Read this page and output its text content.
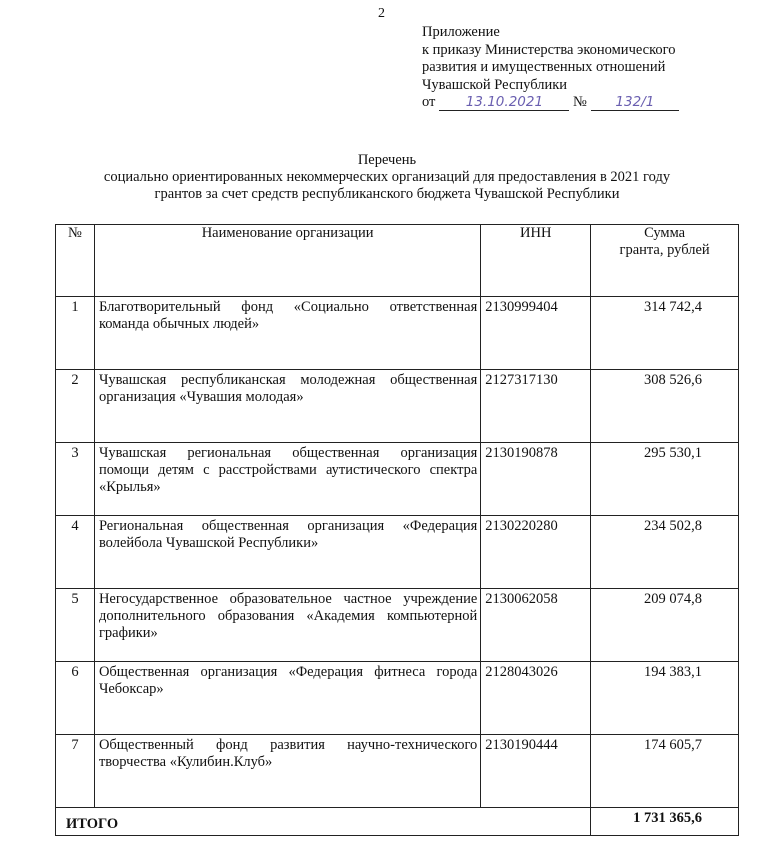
2
Приложение
к приказу Министерства экономического
развития и имущественных отношений
Чувашской Республики
от 13.10.2021 № 132/1
Перечень
социально ориентированных некоммерческих организаций для предоставления в 2021 году
грантов за счет средств республиканского бюджета Чувашской Республики
№	Наименование организации	ИНН	Сумма
гранта, рублей

1	Благотворительный фонд «Социально ответственная команда обычных людей»	2130999404	314 742,4
2	Чувашская республиканская молодежная общественная организация «Чувашия молодая»	2127317130	308 526,6
3	Чувашская региональная общественная организация помощи детям с расстройствами аутистического спектра «Крылья»	2130190878	295 530,1
4	Региональная общественная организация «Федерация волейбола Чувашской Республики»	2130220280	234 502,8
5	Негосударственное образовательное частное учреждение дополнительного образования «Академия компьютерной графики»	2130062058	209 074,8
6	Общественная организация «Федерация фитнеса города Чебоксар»	2128043026	194 383,1
7	Общественный фонд развития научно-технического творчества «Кулибин.Клуб»	2130190444	174 605,7
ИТОГО			1 731 365,6
